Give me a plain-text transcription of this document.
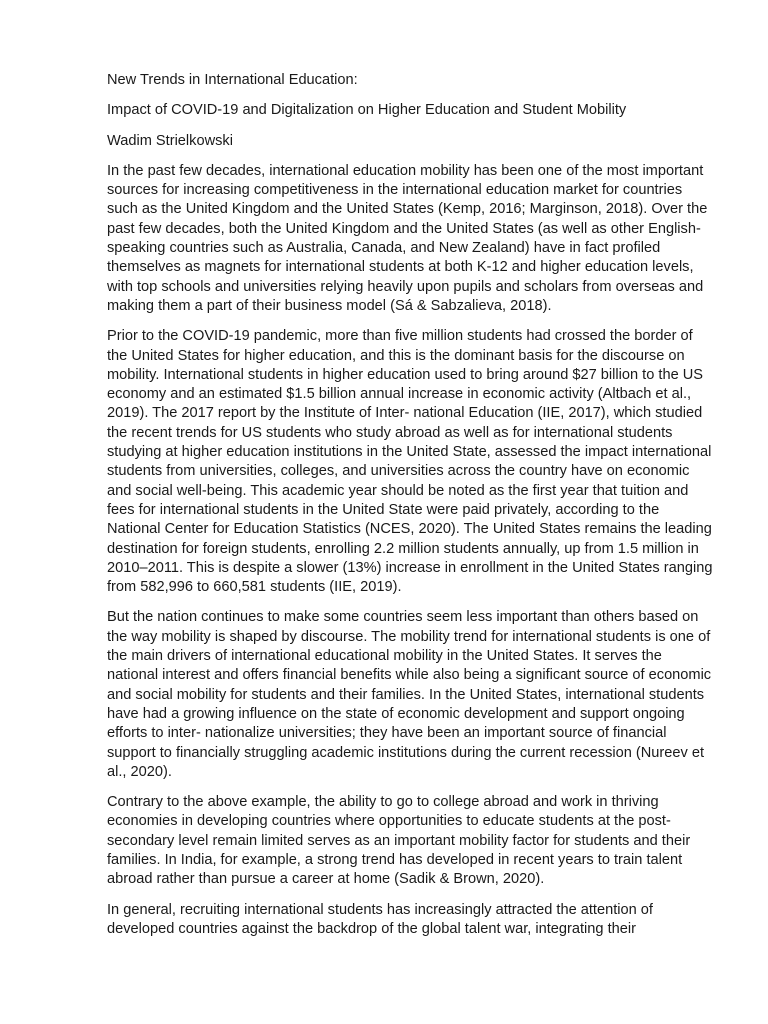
New Trends in International Education:

Impact of COVID-19 and Digitalization on Higher Education and Student Mobility

Wadim Strielkowski

In the past few decades, international education mobility has been one of the most important sources for increasing competitiveness in the international education market for countries such as the United Kingdom and the United States (Kemp, 2016; Marginson, 2018). Over the past few decades, both the United Kingdom and the United States (as well as other English-speaking countries such as Australia, Canada, and New Zealand) have in fact profiled themselves as magnets for international students at both K-12 and higher education levels, with top schools and universities relying heavily upon pupils and scholars from overseas and making them a part of their business model (Sá & Sabzalieva, 2018).

Prior to the COVID-19 pandemic, more than five million students had crossed the border of the United States for higher education, and this is the dominant basis for the discourse on mobility. International students in higher education used to bring around $27 billion to the US economy and an estimated $1.5 billion annual increase in economic activity (Altbach et al., 2019). The 2017 report by the Institute of Inter- national Education (IIE, 2017), which studied the recent trends for US students who study abroad as well as for international students studying at higher education institutions in the United State, assessed the impact international students from universities, colleges, and universities across the country have on economic and social well-being. This academic year should be noted as the first year that tuition and fees for international students in the United State were paid privately, according to the National Center for Education Statistics (NCES, 2020). The United States remains the leading destination for foreign students, enrolling 2.2 million students annually, up from 1.5 million in 2010–2011. This is despite a slower (13%) increase in enrollment in the United States ranging from 582,996 to 660,581 students (IIE, 2019).

But the nation continues to make some countries seem less important than others based on the way mobility is shaped by discourse. The mobility trend for international students is one of the main drivers of international educational mobility in the United States. It serves the national interest and offers financial benefits while also being a significant source of economic and social mobility for students and their families. In the United States, international students have had a growing influence on the state of economic development and support ongoing efforts to inter- nationalize universities; they have been an important source of financial support to financially struggling academic institutions during the current recession (Nureev et al., 2020).

Contrary to the above example, the ability to go to college abroad and work in thriving economies in developing countries where opportunities to educate students at the post-secondary level remain limited serves as an important mobility factor for students and their families. In India, for example, a strong trend has developed in recent years to train talent abroad rather than pursue a career at home (Sadik & Brown, 2020).

In general, recruiting international students has increasingly attracted the attention of developed countries against the backdrop of the global talent war, integrating their
